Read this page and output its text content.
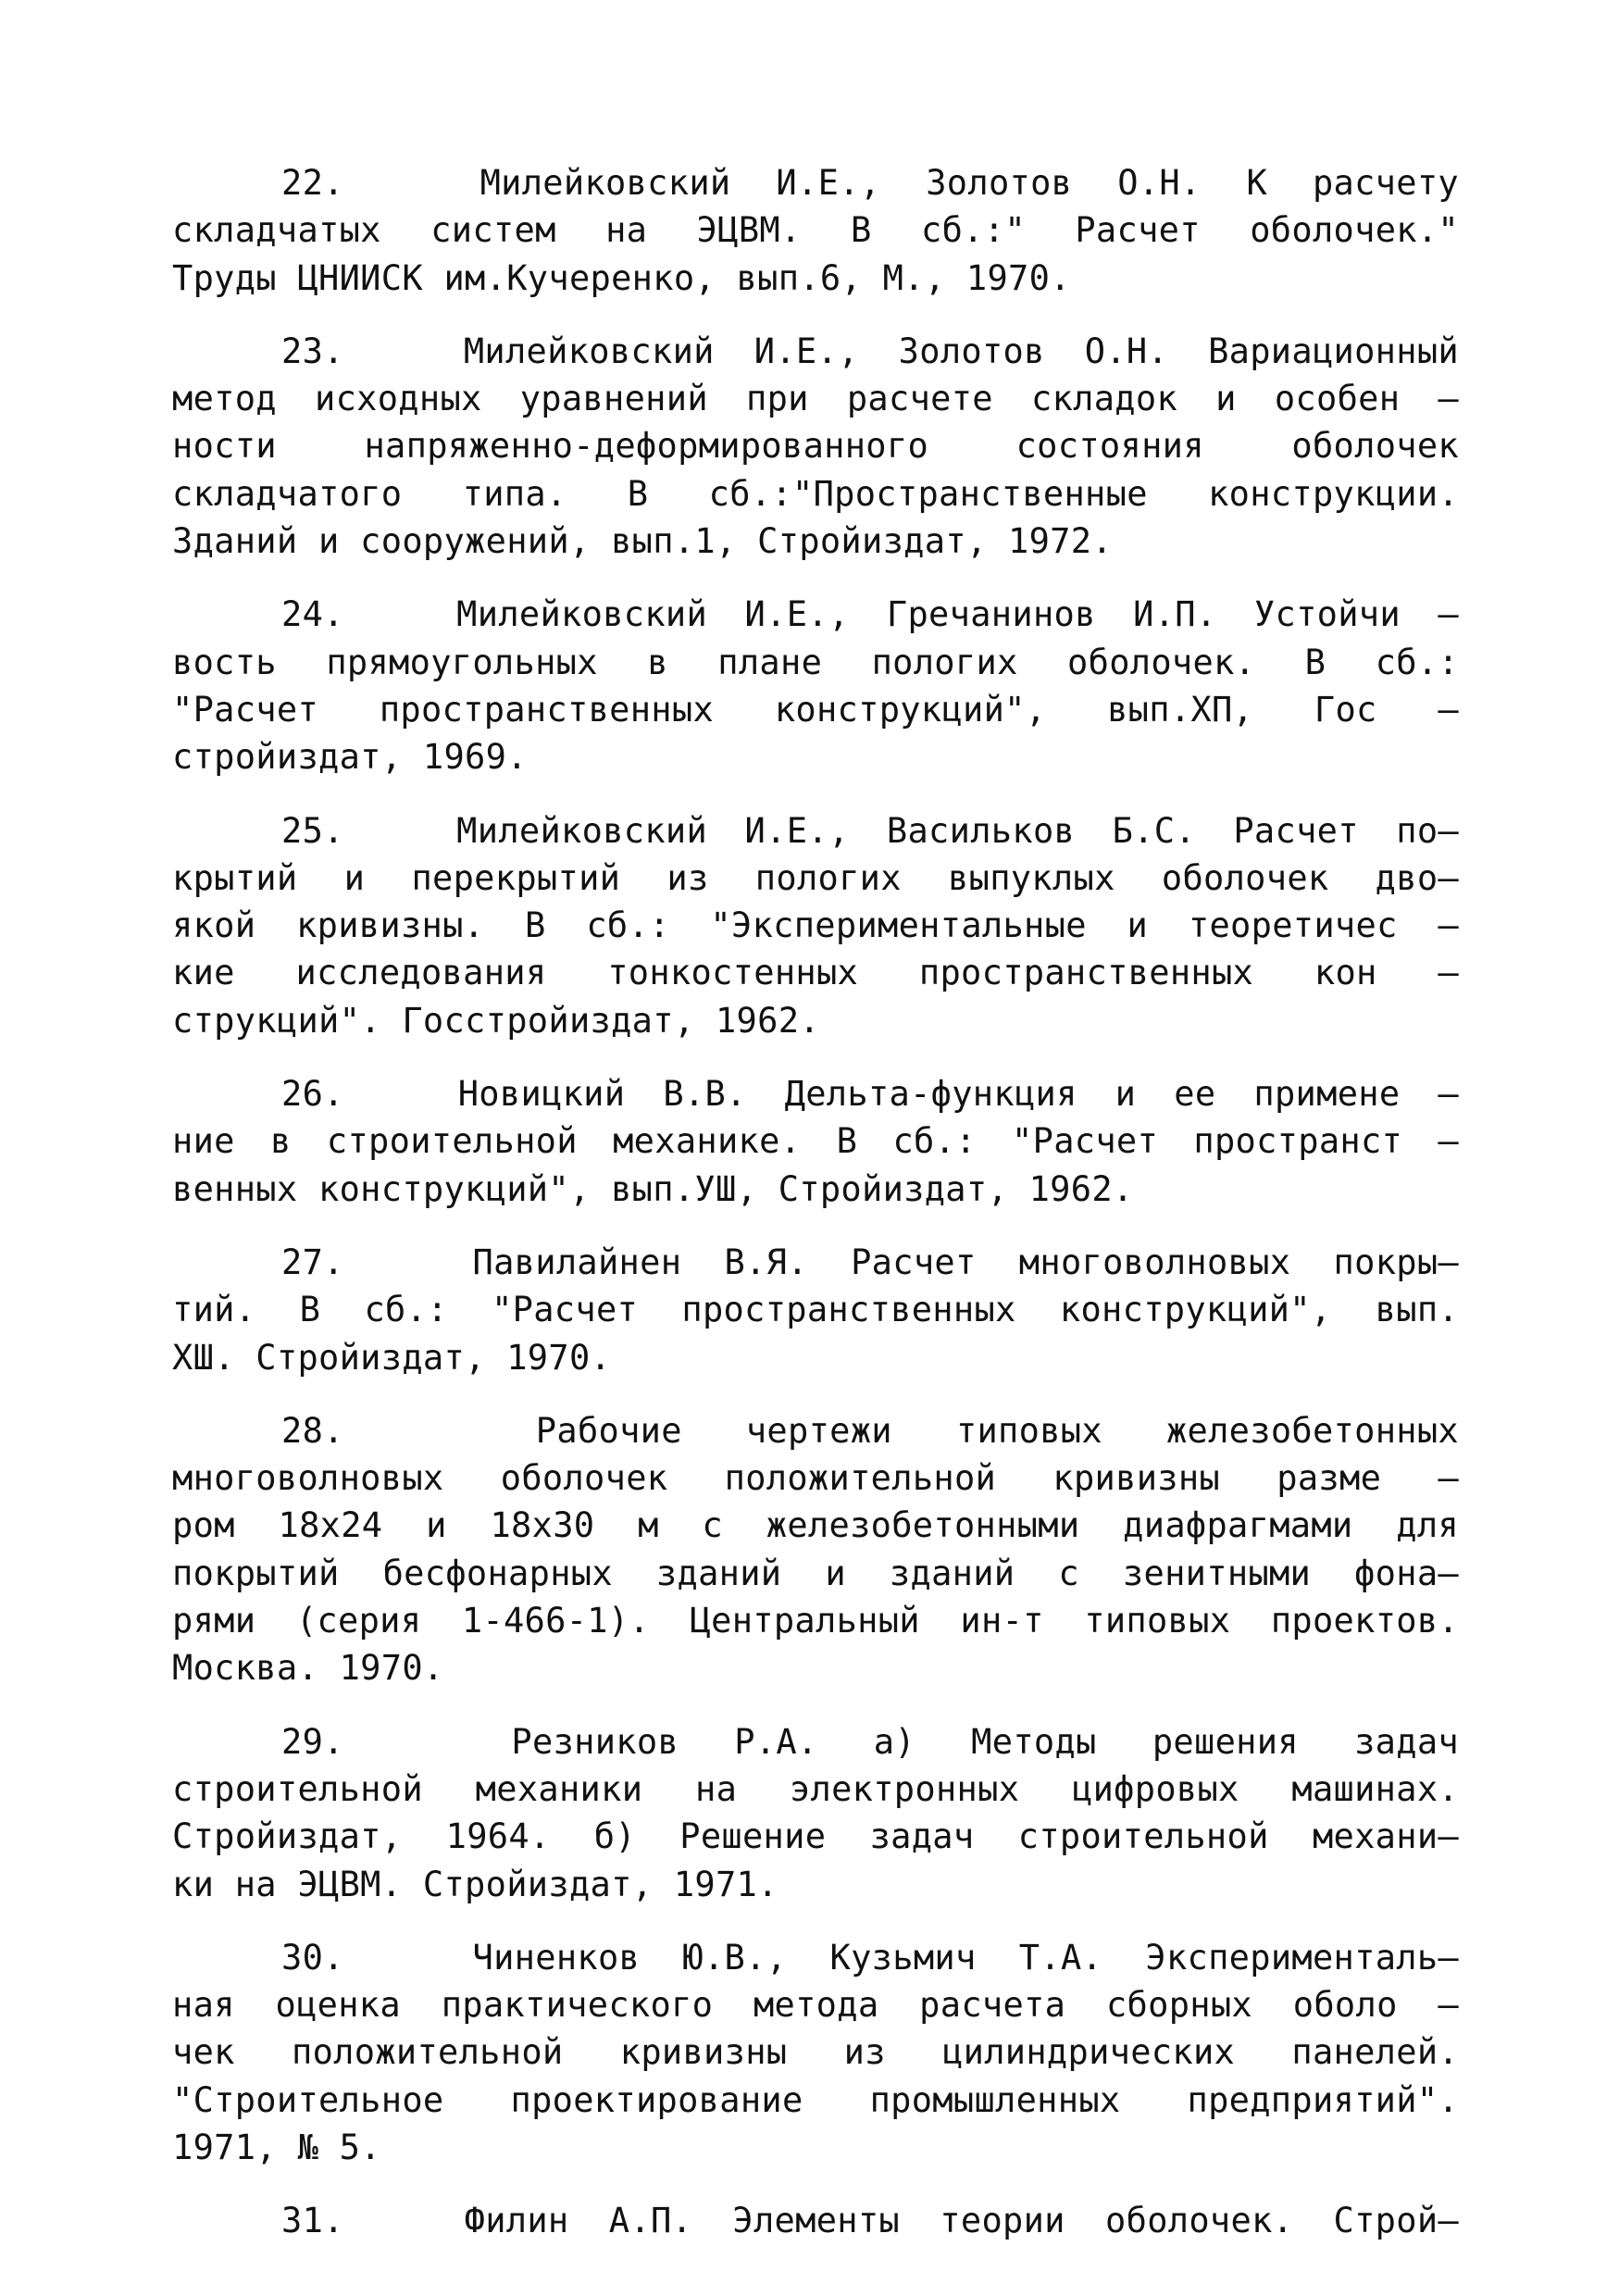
22.	Милейковский И.Е., Золотов О.Н. К расчету
складчатых систем на ЭЦВМ. В сб.:" Расчет оболочек."
Труды ЦНИИСК им.Кучеренко, вып.6, М., 1970.
23.	Милейковский И.Е., Золотов О.Н. Вариационный
метод исходных уравнений при расчете складок и особен –
ности напряженно-деформированного состояния оболочек
складчатого типа. В сб.:"Пространственные конструкции.
Зданий и сооружений, вып.1, Стройиздат, 1972.
24.	Милейковский И.Е., Гречанинов И.П. Устойчи –
вость прямоугольных в плане пологих оболочек. В сб.:
"Расчет пространственных конструкций", вып.ХП, Гос –
стройиздат, 1969.
25.	Милейковский И.Е., Васильков Б.С. Расчет по–
крытий и перекрытий из пологих выпуклых оболочек дво–
якой кривизны. В сб.: "Экспериментальные и теоретичес –
кие исследования тонкостенных пространственных кон –
струкций". Госстройиздат, 1962.
26.	Новицкий В.В. Дельта-функция и ее примене –
ние в строительной механике. В сб.: "Расчет пространст –
венных конструкций", вып.УШ, Стройиздат, 1962.
27.	Павилайнен В.Я. Расчет многоволновых покры–
тий. В сб.: "Расчет пространственных конструкций", вып.
ХШ. Стройиздат, 1970.
28.	Рабочие чертежи типовых железобетонных
многоволновых оболочек положительной кривизны разме –
ром 18х24 и 18х30 м с железобетонными диафрагмами для
покрытий бесфонарных зданий и зданий с зенитными фона–
рями (серия 1-466-1). Центральный ин-т типовых проектов.
Москва. 1970.
29.	Резников Р.А. а) Методы решения задач
строительной механики на электронных цифровых машинах.
Стройиздат, 1964. б) Решение задач строительной механи–
ки на ЭЦВМ. Стройиздат, 1971.
30.	Чиненков Ю.В., Кузьмич Т.А. Эксперименталь–
ная оценка практического метода расчета сборных оболо –
чек положительной кривизны из цилиндрических панелей.
"Строительное проектирование промышленных предприятий".
1971, № 5.
31.	Филин А.П. Элементы теории оболочек. Строй–
